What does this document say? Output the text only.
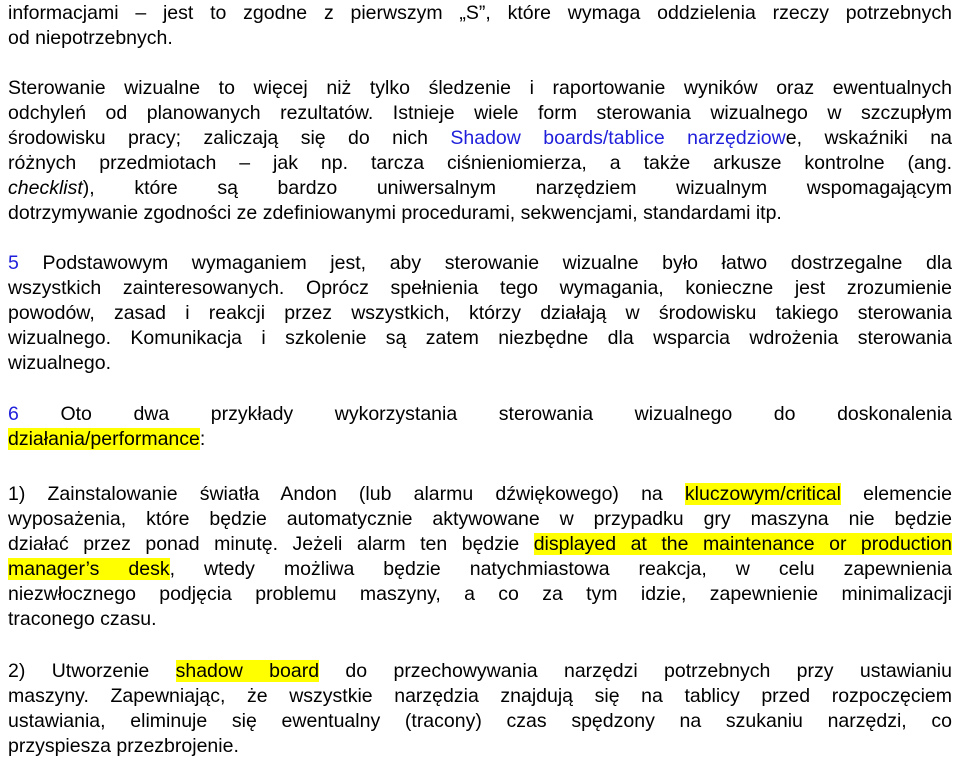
informacjami – jest to zgodne z pierwszym „S”, które wymaga oddzielenia rzeczy potrzebnych
od niepotrzebnych.
Sterowanie wizualne to więcej niż tylko śledzenie i raportowanie wyników oraz ewentualnych
odchyleń od planowanych rezultatów. Istnieje wiele form sterowania wizualnego w szczupłym
środowisku pracy; zaliczają się do nich Shadow boards/tablice narzędziowe, wskaźniki na
różnych przedmiotach – jak np. tarcza ciśnieniomierza, a także arkusze kontrolne (ang.
checklist), które są bardzo uniwersalnym narzędziem wizualnym wspomagającym
dotrzymywanie zgodności ze zdefiniowanymi procedurami, sekwencjami, standardami itp.
5 Podstawowym wymaganiem jest, aby sterowanie wizualne było łatwo dostrzegalne dla
wszystkich zainteresowanych. Oprócz spełnienia tego wymagania, konieczne jest zrozumienie
powodów, zasad i reakcji przez wszystkich, którzy działają w środowisku takiego sterowania
wizualnego. Komunikacja i szkolenie są zatem niezbędne dla wsparcia wdrożenia sterowania
wizualnego.
6 Oto dwa przykłady wykorzystania sterowania wizualnego do doskonalenia
działania/performance:
1) Zainstalowanie światła Andon (lub alarmu dźwiękowego) na kluczowym/critical elemencie
wyposażenia, które będzie automatycznie aktywowane w przypadku gry maszyna nie będzie
działać przez ponad minutę. Jeżeli alarm ten będzie displayed at the maintenance or production
manager’s desk, wtedy możliwa będzie natychmiastowa reakcja, w celu zapewnienia
niezwłocznego podjęcia problemu maszyny, a co za tym idzie, zapewnienie minimalizacji
traconego czasu.
2) Utworzenie shadow board do przechowywania narzędzi potrzebnych przy ustawianiu
maszyny. Zapewniając, że wszystkie narzędzia znajdują się na tablicy przed rozpoczęciem
ustawiania, eliminuje się ewentualny (tracony) czas spędzony na szukaniu narzędzi, co
przyspiesza przezbrojenie.
